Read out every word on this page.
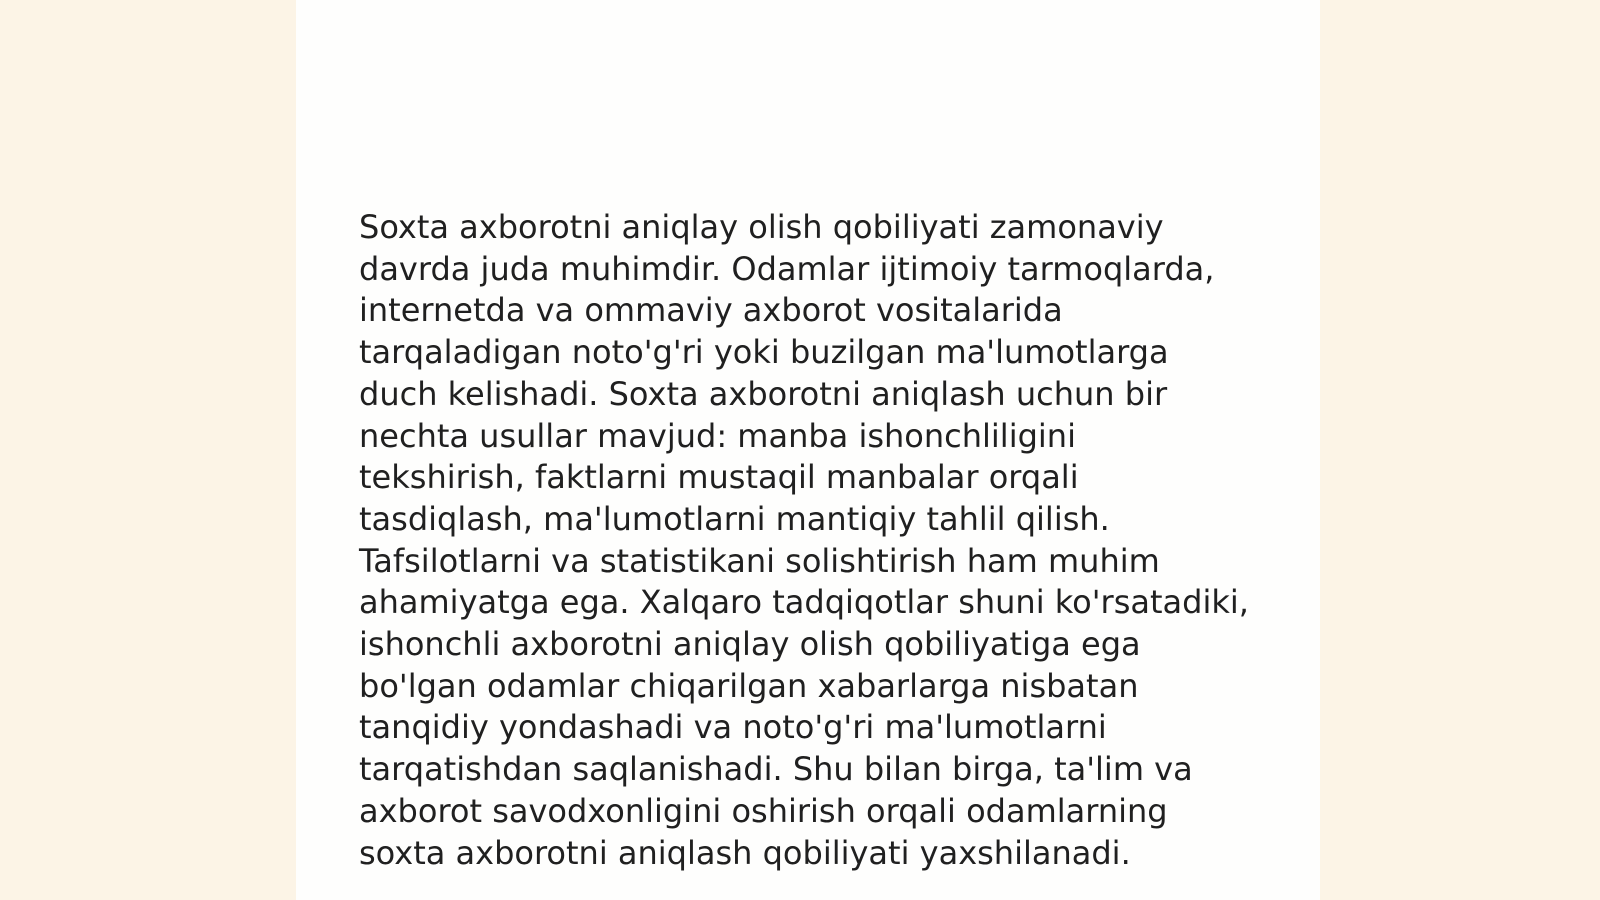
Soxta axborotni aniqlay olish qobiliyati zamonaviy davrda juda muhimdir. Odamlar ijtimoiy tarmoqlarda, internetda va ommaviy axborot vositalarida tarqaladigan noto'g'ri yoki buzilgan ma'lumotlarga duch kelishadi. Soxta axborotni aniqlash uchun bir nechta usullar mavjud: manba ishonchliligini tekshirish, faktlarni mustaqil manbalar orqali tasdiqlash, ma'lumotlarni mantiqiy tahlil qilish. Tafsilotlarni va statistikani solishtirish ham muhim ahamiyatga ega. Xalqaro tadqiqotlar shuni ko'rsatadiki, ishonchli axborotni aniqlay olish qobiliyatiga ega bo'lgan odamlar chiqarilgan xabarlarga nisbatan tanqidiy yondashadi va noto'g'ri ma'lumotlarni tarqatishdan saqlanishadi. Shu bilan birga, ta'lim va axborot savodxonligini oshirish orqali odamlarning soxta axborotni aniqlash qobiliyati yaxshilanadi.
